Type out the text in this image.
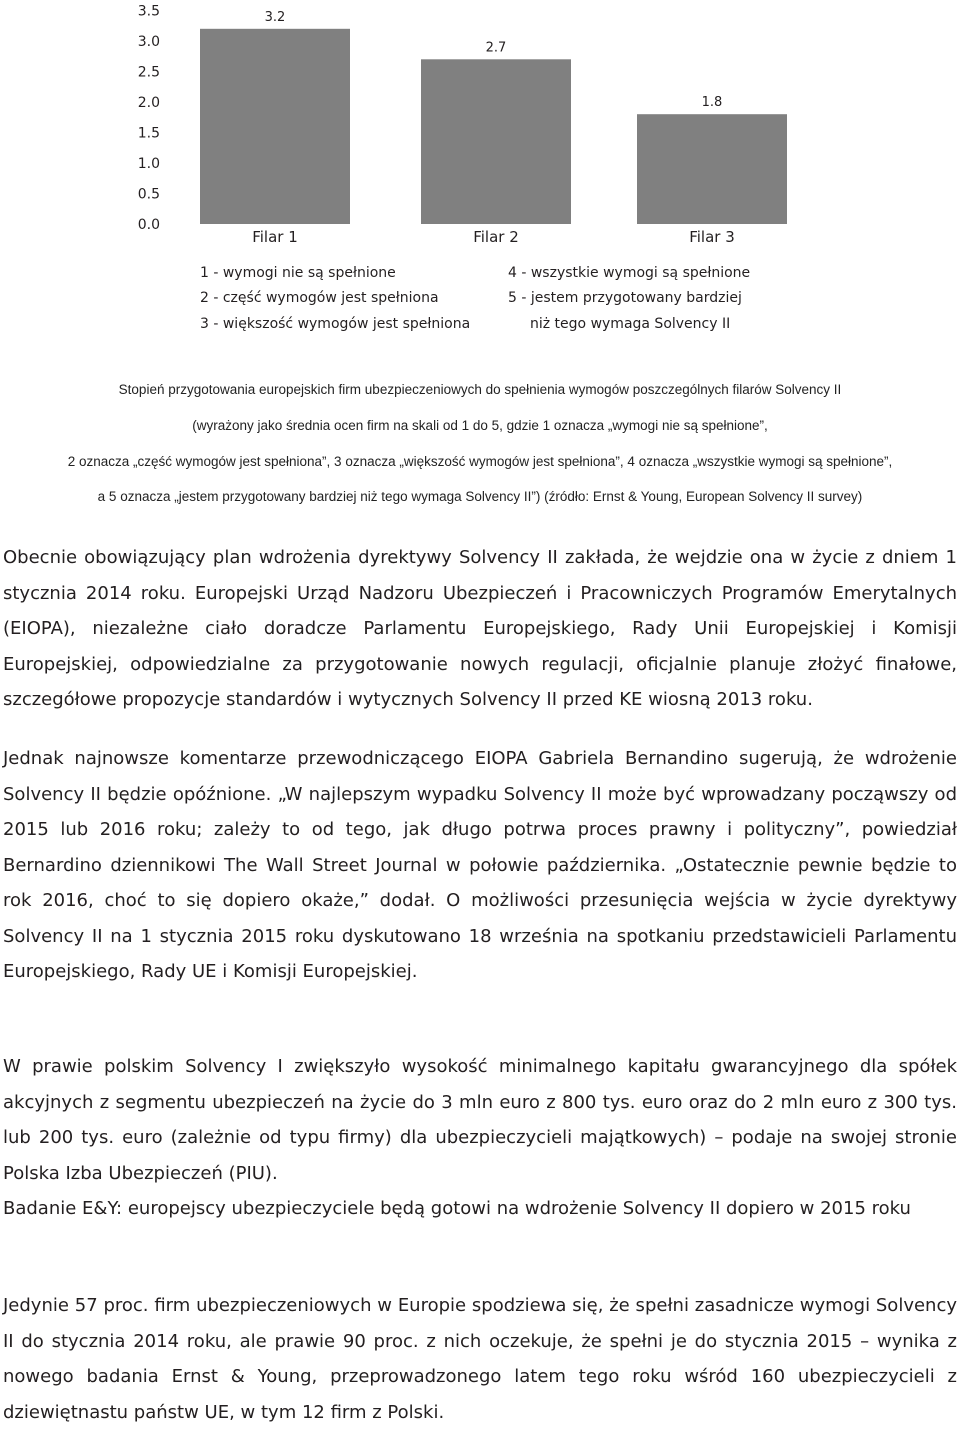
0.0
0.5
1.0
1.5
2.0
2.5
3.0
3.5	3.2
2.7
1.8
Filar 1	Filar 2	Filar 3
1 - wymogi nie są spełnione
2 - część wymogów jest spełniona
3 - większość wymogów jest spełniona
4 - wszystkie wymogi są spełnione
5 - jestem przygotowany bardziej
niż tego wymaga Solvency II

Stopień przygotowania europejskich firm ubezpieczeniowych do spełnienia wymogów poszczególnych filarów Solvency II

(wyrażony jako średnia ocen firm na skali od 1 do 5, gdzie 1 oznacza „wymogi nie są spełnione”,

2 oznacza „część wymogów jest spełniona”, 3 oznacza „większość wymogów jest spełniona”, 4 oznacza „wszystkie wymogi są spełnione”,

a 5 oznacza „jestem przygotowany bardziej niż tego wymaga Solvency II”) (źródło: Ernst & Young, European Solvency II survey)

Obecnie obowiązujący plan wdrożenia dyrektywy Solvency II zakłada, że wejdzie ona w życie z dniem 1 stycznia 2014 roku. Europejski Urząd Nadzoru Ubezpieczeń i Pracowniczych Programów Emerytalnych (EIOPA), niezależne ciało doradcze Parlamentu Europejskiego, Rady Unii Europejskiej i Komisji Europejskiej, odpowiedzialne za przygotowanie nowych regulacji, oficjalnie planuje złożyć finałowe, szczegółowe propozycje standardów i wytycznych Solvency II przed KE wiosną 2013 roku.

Jednak najnowsze komentarze przewodniczącego EIOPA Gabriela Bernandino sugerują, że wdrożenie Solvency II będzie opóźnione. „W najlepszym wypadku Solvency II może być wprowadzany począwszy od 2015 lub 2016 roku; zależy to od tego, jak długo potrwa proces prawny i polityczny”, powiedział Bernardino dziennikowi The Wall Street Journal w połowie października. „Ostatecznie pewnie będzie to rok 2016, choć to się dopiero okaże,” dodał. O możliwości przesunięcia wejścia w życie dyrektywy Solvency II na 1 stycznia 2015 roku dyskutowano 18 września na spotkaniu przedstawicieli Parlamentu Europejskiego, Rady UE i Komisji Europejskiej.

W prawie polskim Solvency I zwiększyło wysokość minimalnego kapitału gwarancyjnego dla spółek akcyjnych z segmentu ubezpieczeń na życie do 3 mln euro z 800 tys. euro oraz do 2 mln euro z 300 tys. lub 200 tys. euro (zależnie od typu firmy) dla ubezpieczycieli majątkowych) – podaje na swojej stronie Polska Izba Ubezpieczeń (PIU).

Badanie E&Y: europejscy ubezpieczyciele będą gotowi na wdrożenie Solvency II dopiero w 2015 roku

Jedynie 57 proc. firm ubezpieczeniowych w Europie spodziewa się, że spełni zasadnicze wymogi Solvency II do stycznia 2014 roku, ale prawie 90 proc. z nich oczekuje, że spełni je do stycznia 2015 – wynika z nowego badania Ernst & Young, przeprowadzonego latem tego roku wśród 160 ubezpieczycieli z dziewiętnastu państw UE, w tym 12 firm z Polski.
